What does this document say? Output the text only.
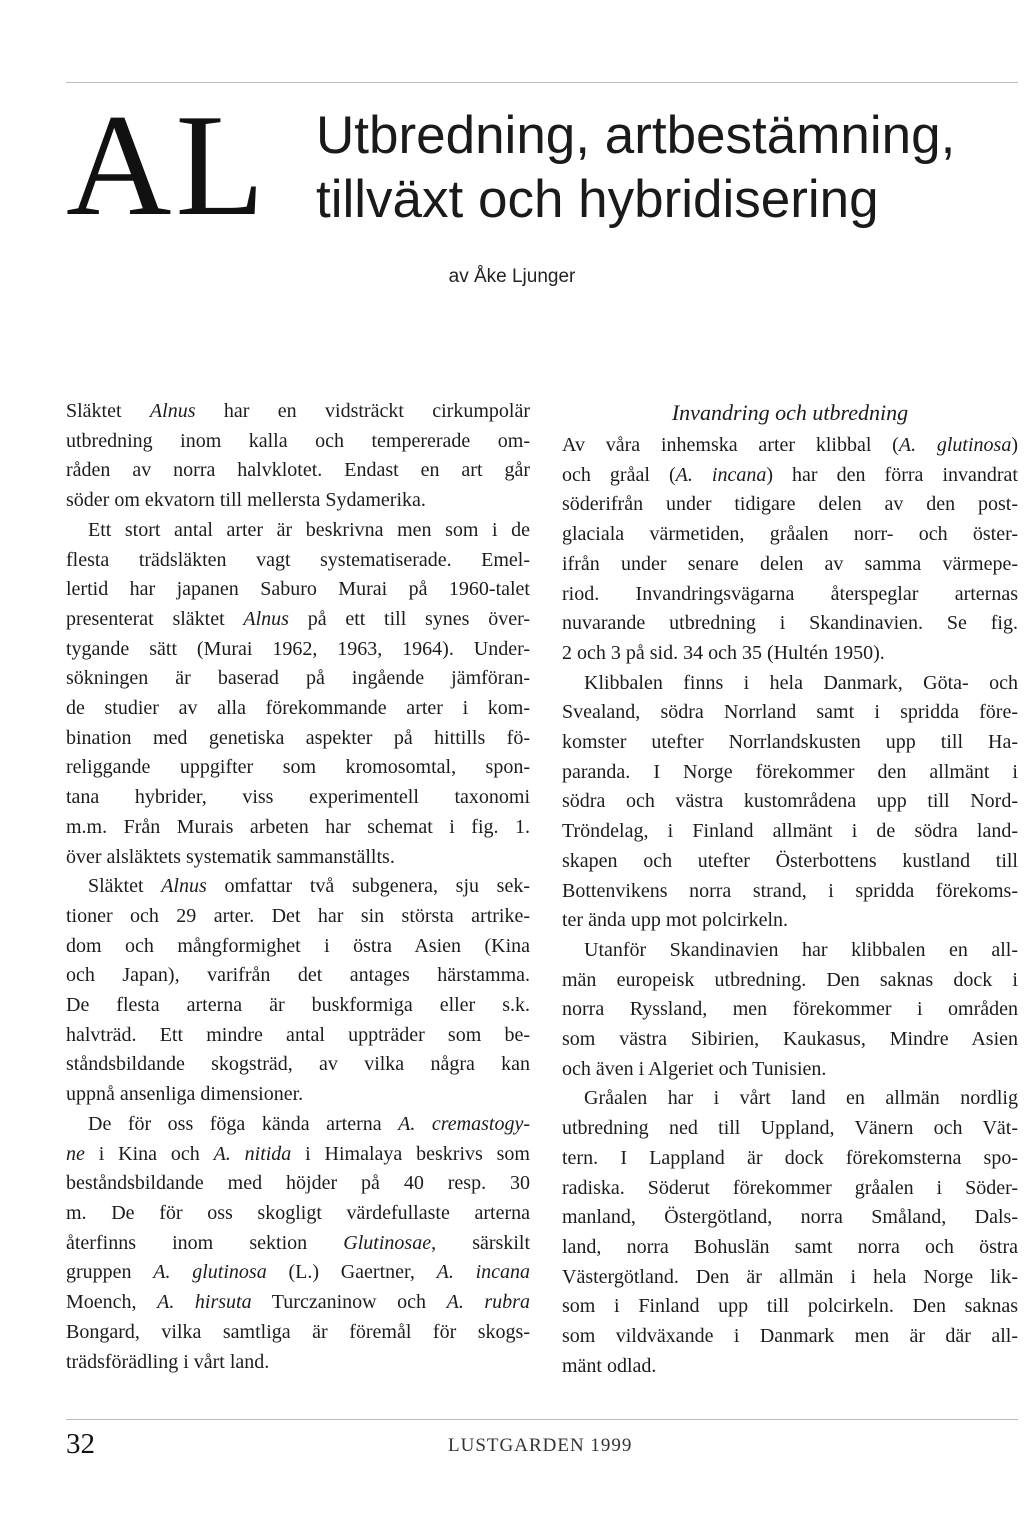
AL Utbredning, artbestämning,
tillväxt och hybridisering
av Åke Ljunger
Släktet Alnus har en vidsträckt cirkumpolär
utbredning inom kalla och tempererade om-
råden av norra halvklotet. Endast en art går
söder om ekvatorn till mellersta Sydamerika.
Ett stort antal arter är beskrivna men som i de
flesta trädsläkten vagt systematiserade. Emel-
lertid har japanen Saburo Murai på 1960-talet
presenterat släktet Alnus på ett till synes över-
tygande sätt (Murai 1962, 1963, 1964). Under-
sökningen är baserad på ingående jämföran-
de studier av alla förekommande arter i kom-
bination med genetiska aspekter på hittills fö-
religgande uppgifter som kromosomtal, spon-
tana hybrider, viss experimentell taxonomi
m.m. Från Murais arbeten har schemat i fig. 1.
över alsläktets systematik sammanställts.
Släktet Alnus omfattar två subgenera, sju sek-
tioner och 29 arter. Det har sin största artrike-
dom och mångformighet i östra Asien (Kina
och Japan), varifrån det antages härstamma.
De flesta arterna är buskformiga eller s.k.
halvträd. Ett mindre antal uppträder som be-
ståndsbildande skogsträd, av vilka några kan
uppnå ansenliga dimensioner.
De för oss föga kända arterna A. cremastogy-
ne i Kina och A. nitida i Himalaya beskrivs som
beståndsbildande med höjder på 40 resp. 30
m. De för oss skogligt värdefullaste arterna
återfinns inom sektion Glutinosae, särskilt
gruppen A. glutinosa (L.) Gaertner, A. incana
Moench, A. hirsuta Turczaninow och A. rubra
Bongard, vilka samtliga är föremål för skogs-
trädsförädling i vårt land.
Invandring och utbredning
Av våra inhemska arter klibbal (A. glutinosa)
och gråal (A. incana) har den förra invandrat
söderifrån under tidigare delen av den post-
glaciala värmetiden, gråalen norr- och öster-
ifrån under senare delen av samma värmepe-
riod. Invandringsvägarna återspeglar arternas
nuvarande utbredning i Skandinavien. Se fig.
2 och 3 på sid. 34 och 35 (Hultén 1950).
Klibbalen finns i hela Danmark, Göta- och
Svealand, södra Norrland samt i spridda före-
komster utefter Norrlandskusten upp till Ha-
paranda. I Norge förekommer den allmänt i
södra och västra kustområdena upp till Nord-
Tröndelag, i Finland allmänt i de södra land-
skapen och utefter Österbottens kustland till
Bottenvikens norra strand, i spridda förekoms-
ter ända upp mot polcirkeln.
Utanför Skandinavien har klibbalen en all-
män europeisk utbredning. Den saknas dock i
norra Ryssland, men förekommer i områden
som västra Sibirien, Kaukasus, Mindre Asien
och även i Algeriet och Tunisien.
Gråalen har i vårt land en allmän nordlig
utbredning ned till Uppland, Vänern och Vät-
tern. I Lappland är dock förekomsterna spo-
radiska. Söderut förekommer gråalen i Söder-
manland, Östergötland, norra Småland, Dals-
land, norra Bohuslän samt norra och östra
Västergötland. Den är allmän i hela Norge lik-
som i Finland upp till polcirkeln. Den saknas
som vildväxande i Danmark men är där all-
mänt odlad.
32	LUSTGARDEN 1999
